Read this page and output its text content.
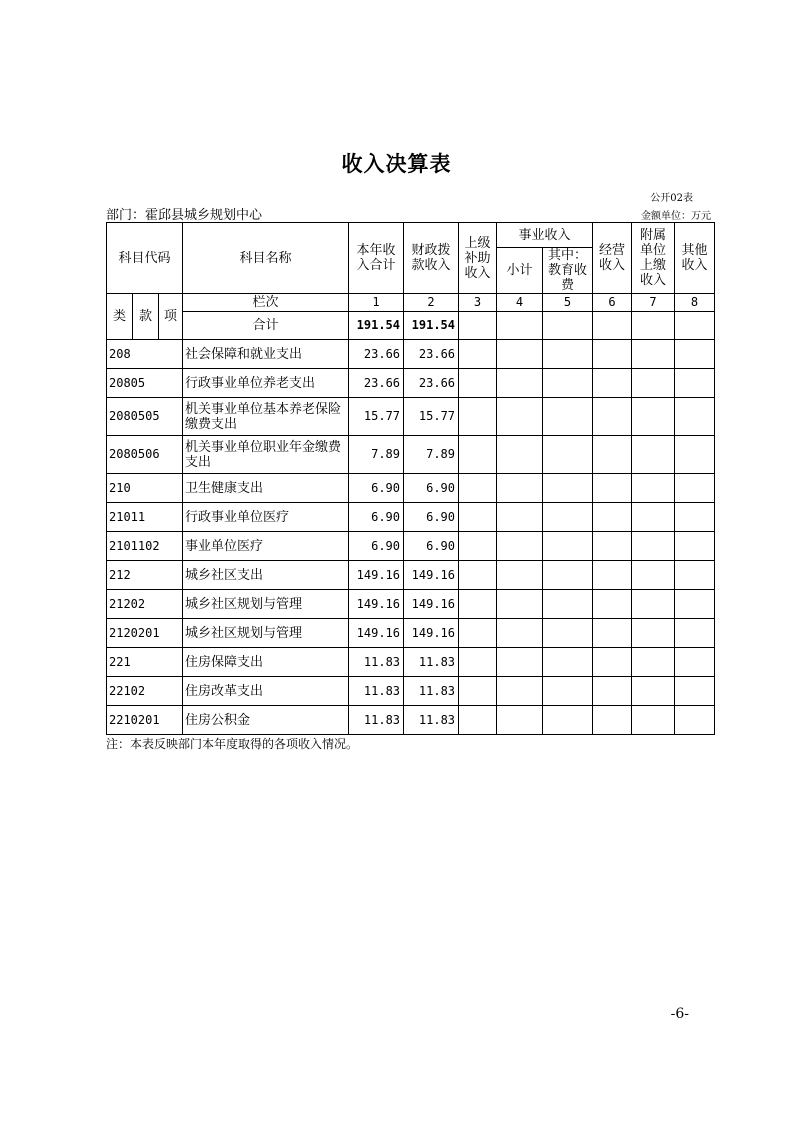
收入决算表
公开02表
部门：霍邱县城乡规划中心	金额单位：万元
科目代码			科目名称	本年收入合计	财政拨款收入	上级补助收入	事业收入		经营收入	附属单位上缴收入	其他收入
							小计	其中：教育收费			
类	款	项	栏次	1	2	3	4	5	6	7	8
			合计	191.54	191.54						
208			社会保障和就业支出	23.66	23.66						
20805			行政事业单位养老支出	23.66	23.66						
2080505			机关事业单位基本养老保险缴费支出	15.77	15.77						
2080506			机关事业单位职业年金缴费支出	7.89	7.89						
210			卫生健康支出	6.90	6.90						
21011			行政事业单位医疗	6.90	6.90						
2101102			事业单位医疗	6.90	6.90						
212			城乡社区支出	149.16	149.16						
21202			城乡社区规划与管理	149.16	149.16						
2120201			城乡社区规划与管理	149.16	149.16						
221			住房保障支出	11.83	11.83						
22102			住房改革支出	11.83	11.83						
2210201			住房公积金	11.83	11.83						
注：本表反映部门本年度取得的各项收入情况。
-6-
